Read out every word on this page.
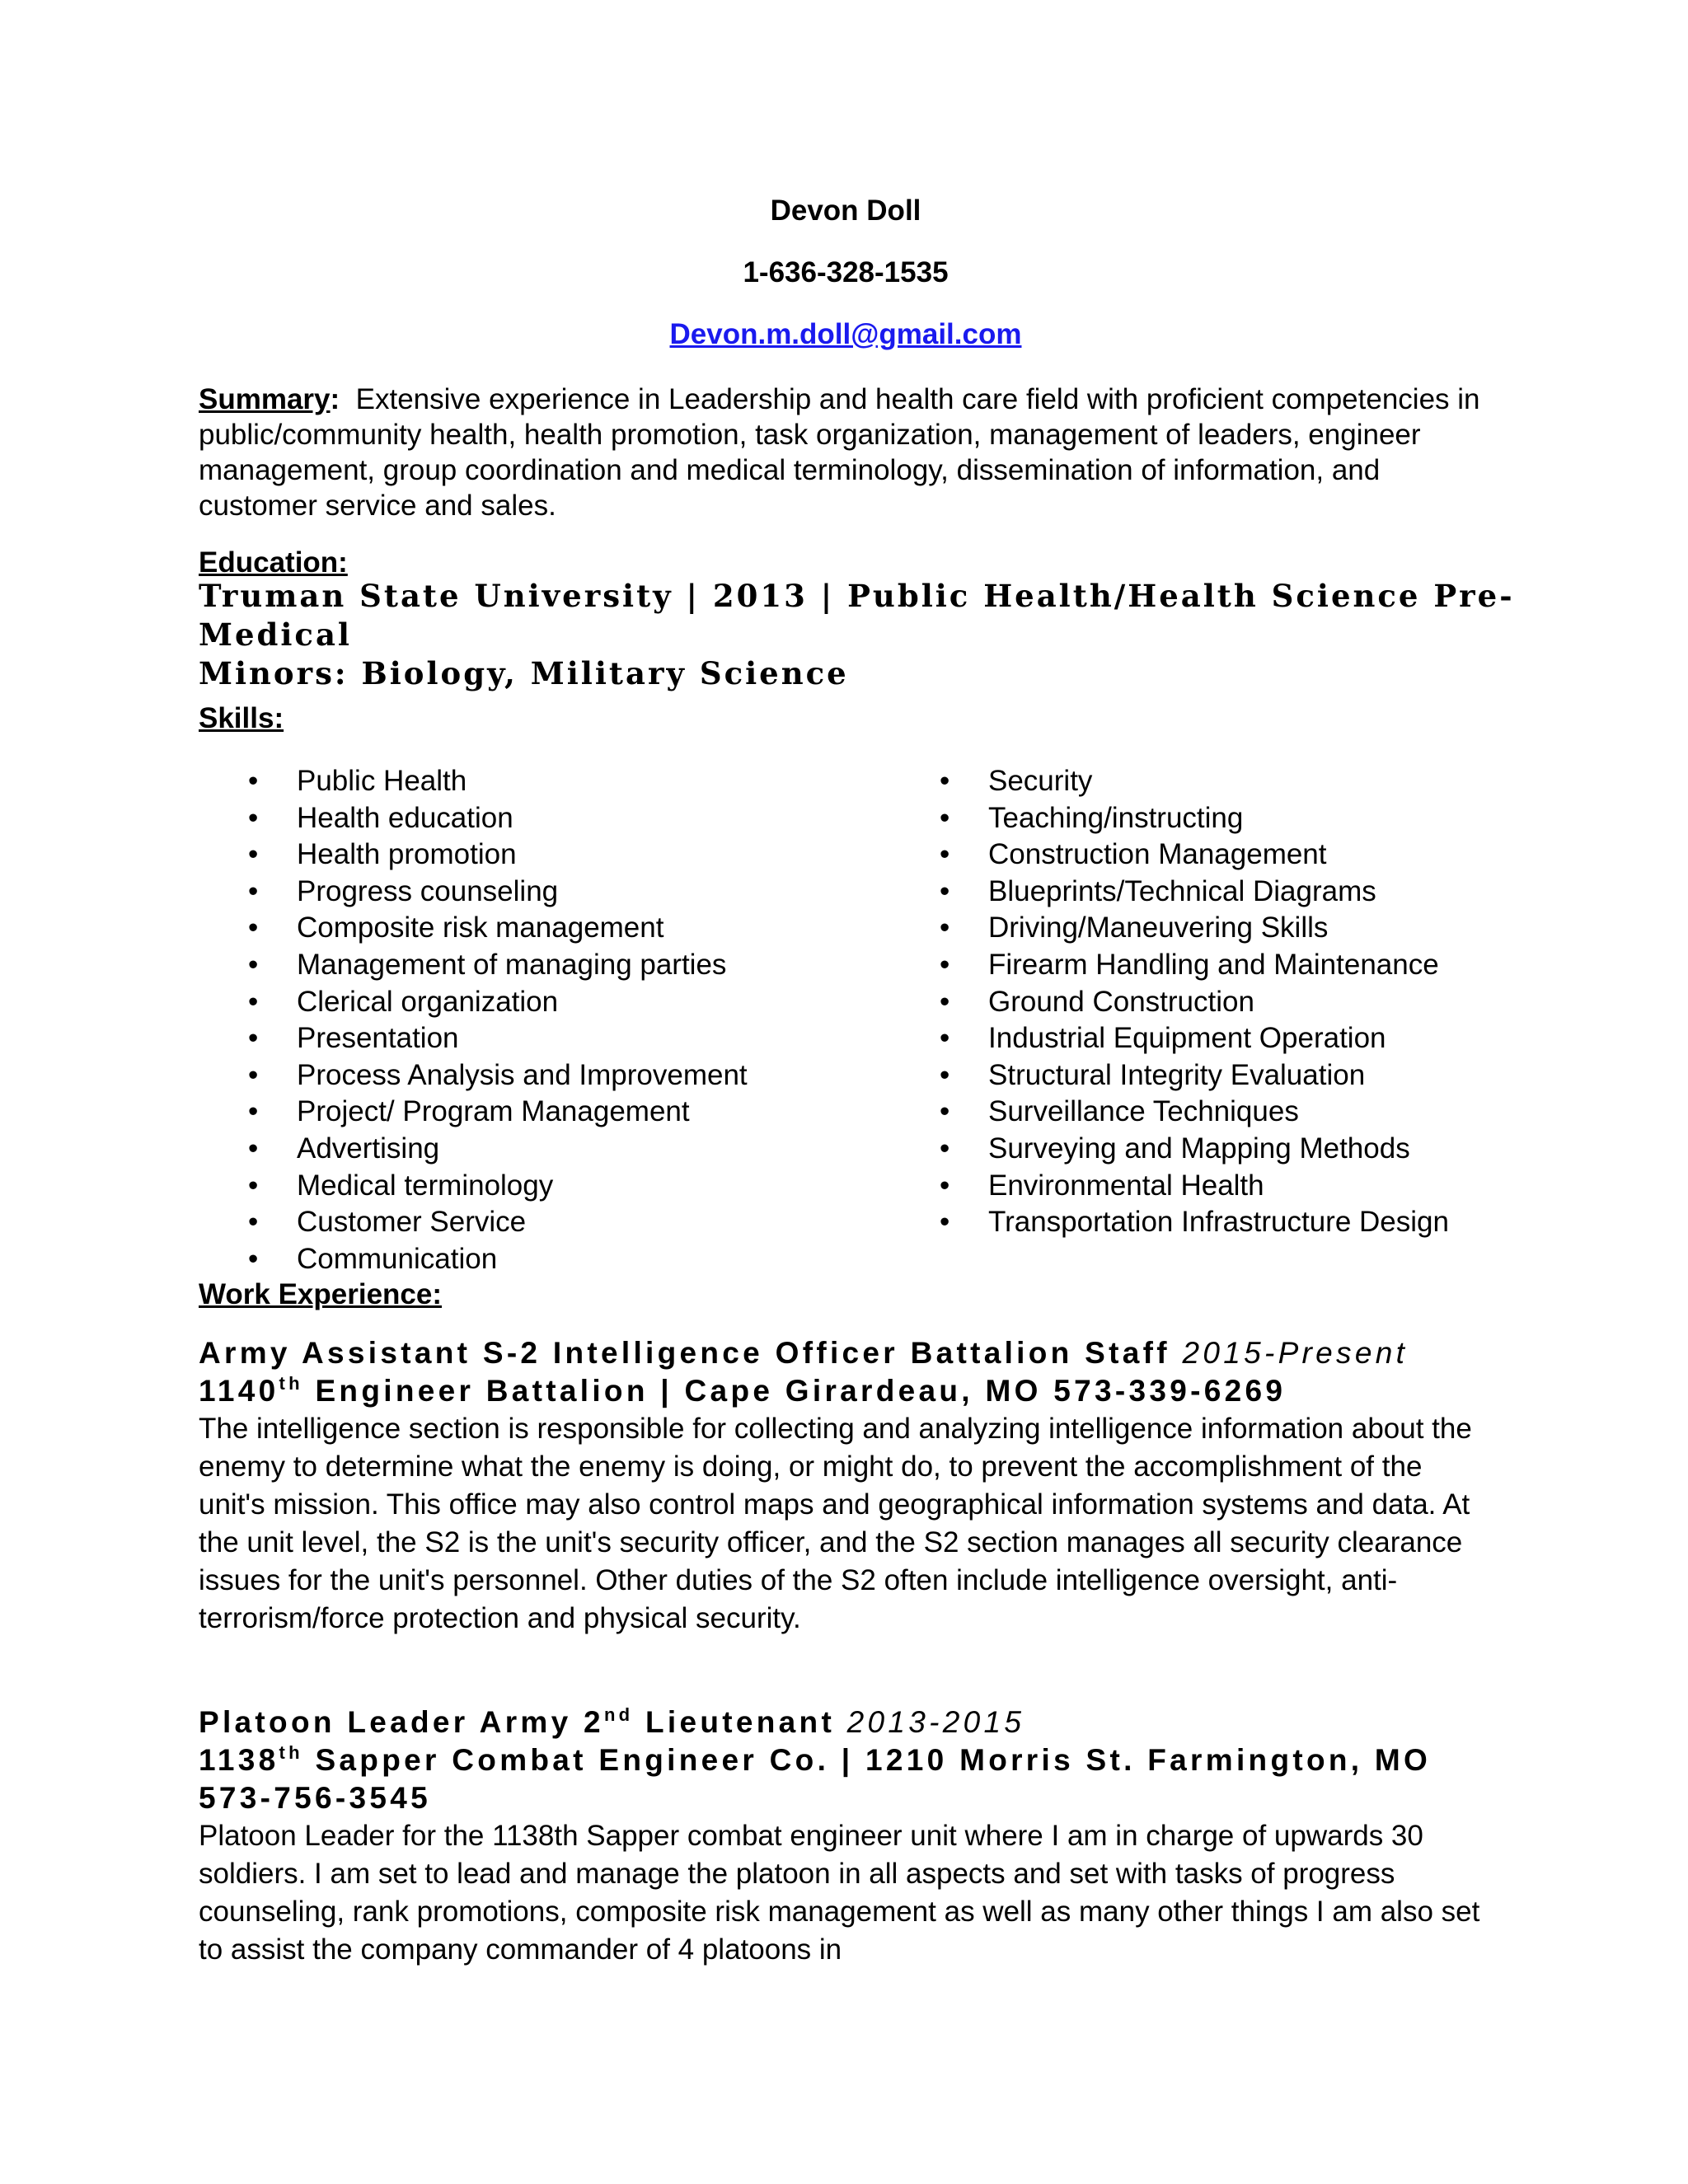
Devon Doll
1-636-328-1535
Devon.m.doll@gmail.com
Summary: Extensive experience in Leadership and health care field with proficient competencies in public/community health, health promotion, task organization, management of leaders, engineer management, group coordination and medical terminology, dissemination of information, and customer service and sales.
Education:
Truman State University | 2013 | Public Health/Health Science Pre-
Medical
Minors: Biology, Military Science
Skills:
• Public Health
• Health education
• Health promotion
• Progress counseling
• Composite risk management
• Management of managing parties
• Clerical organization
• Presentation
• Process Analysis and Improvement
• Project/ Program Management
• Advertising
• Medical terminology
• Customer Service
• Communication
• Security
• Teaching/instructing
• Construction Management
• Blueprints/Technical Diagrams
• Driving/Maneuvering Skills
• Firearm Handling and Maintenance
• Ground Construction
• Industrial Equipment Operation
• Structural Integrity Evaluation
• Surveillance Techniques
• Surveying and Mapping Methods
• Environmental Health
• Transportation Infrastructure Design
Work Experience:
Army Assistant S-2 Intelligence Officer Battalion Staff 2015-Present
1140th Engineer Battalion | Cape Girardeau, MO 573-339-6269

The intelligence section is responsible for collecting and analyzing intelligence information about the enemy to determine what the enemy is doing, or might do, to prevent the accomplishment of the unit's mission. This office may also control maps and geographical information systems and data. At the unit level, the S2 is the unit's security officer, and the S2 section manages all security clearance issues for the unit's personnel. Other duties of the S2 often include intelligence oversight, anti-terrorism/force protection and physical security.

Platoon Leader Army 2nd Lieutenant 2013-2015
1138th Sapper Combat Engineer Co. | 1210 Morris St. Farmington, MO
573-756-3545

Platoon Leader for the 1138th Sapper combat engineer unit where I am in charge of upwards 30 soldiers. I am set to lead and manage the platoon in all aspects and set with tasks of progress counseling, rank promotions, composite risk management as well as many other things I am also set to assist the company commander of 4 platoons in
